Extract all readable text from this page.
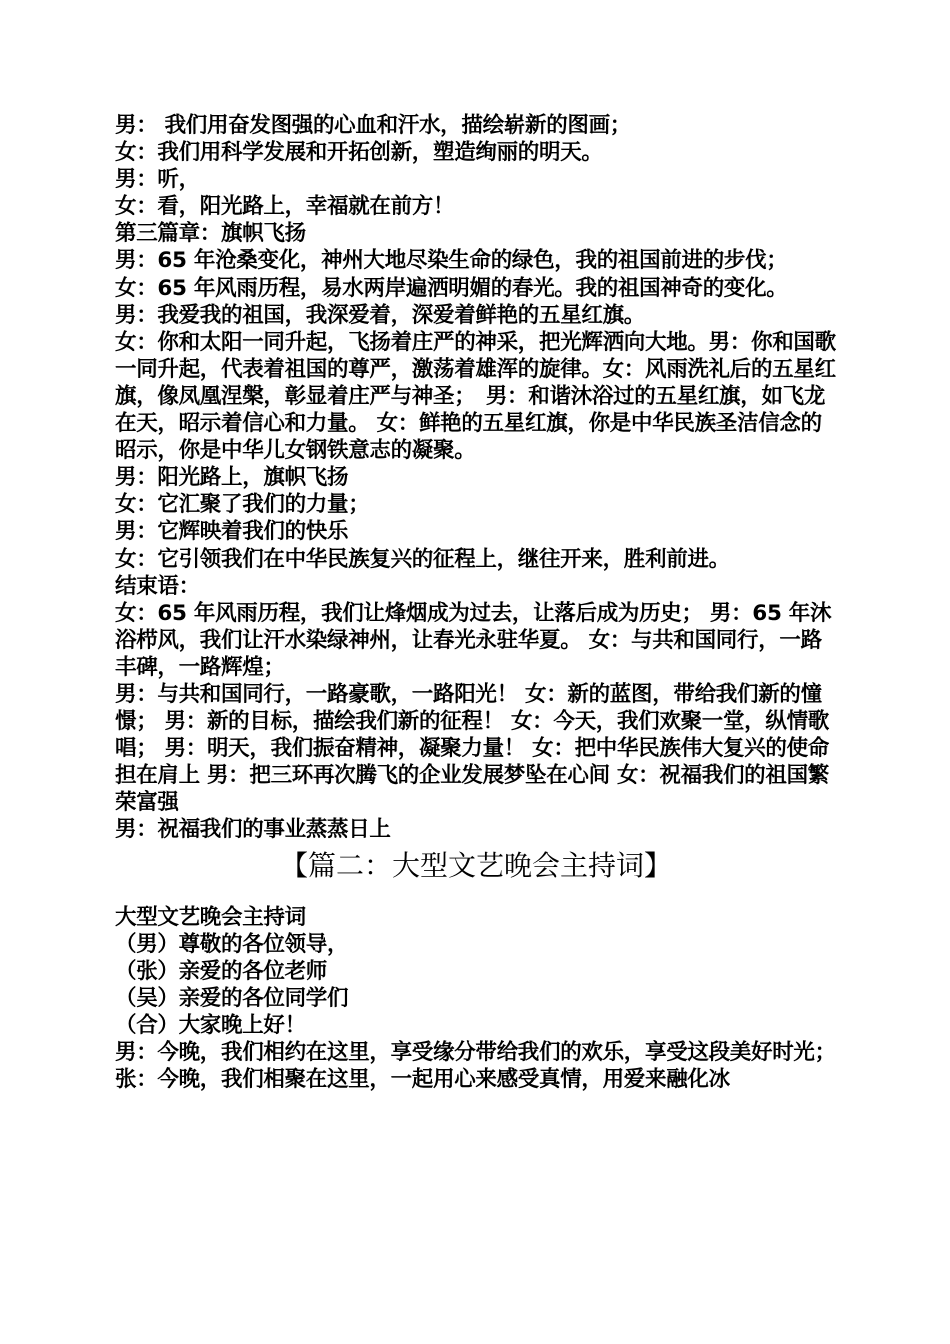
男： 我们用奋发图强的心血和汗水，描绘崭新的图画；

女：我们用科学发展和开拓创新，塑造绚丽的明天。

男：听，

女：看，阳光路上，幸福就在前方！

第三篇章：旗帜飞扬

男：65 年沧桑变化，神州大地尽染生命的绿色，我的祖国前进的步伐；

女：65 年风雨历程，易水两岸遍洒明媚的春光。我的祖国神奇的变化。

男：我爱我的祖国，我深爱着，深爱着鲜艳的五星红旗。

女：你和太阳一同升起，飞扬着庄严的神采，把光辉洒向大地。男：你和国歌一同升起，代表着祖国的尊严，激荡着雄浑的旋律。女：风雨洗礼后的五星红旗，像凤凰涅槃，彰显着庄严与神圣；　男：和谐沐浴过的五星红旗，如飞龙在天，昭示着信心和力量。 女：鲜艳的五星红旗，你是中华民族圣洁信念的昭示，你是中华儿女钢铁意志的凝聚。

男：阳光路上，旗帜飞扬

女：它汇聚了我们的力量；

男：它辉映着我们的快乐

女：它引领我们在中华民族复兴的征程上，继往开来，胜利前进。

结束语：

女：65 年风雨历程，我们让烽烟成为过去，让落后成为历史； 男：65 年沐浴栉风，我们让汗水染绿神州，让春光永驻华夏。 女：与共和国同行，一路丰碑，一路辉煌；

男：与共和国同行，一路豪歌，一路阳光！ 女：新的蓝图，带给我们新的憧憬； 男：新的目标，描绘我们新的征程！ 女：今天，我们欢聚一堂，纵情歌唱； 男：明天，我们振奋精神，凝聚力量！ 女：把中华民族伟大复兴的使命担在肩上 男：把三环再次腾飞的企业发展梦坠在心间 女：祝福我们的祖国繁荣富强

男：祝福我们的事业蒸蒸日上

【篇二：大型文艺晚会主持词】

大型文艺晚会主持词

（男）尊敬的各位领导，

（张）亲爱的各位老师

（吴）亲爱的各位同学们

（合）大家晚上好！

男：今晚，我们相约在这里，享受缘分带给我们的欢乐，享受这段美好时光；

张：今晚，我们相聚在这里，一起用心来感受真情，用爱来融化冰
